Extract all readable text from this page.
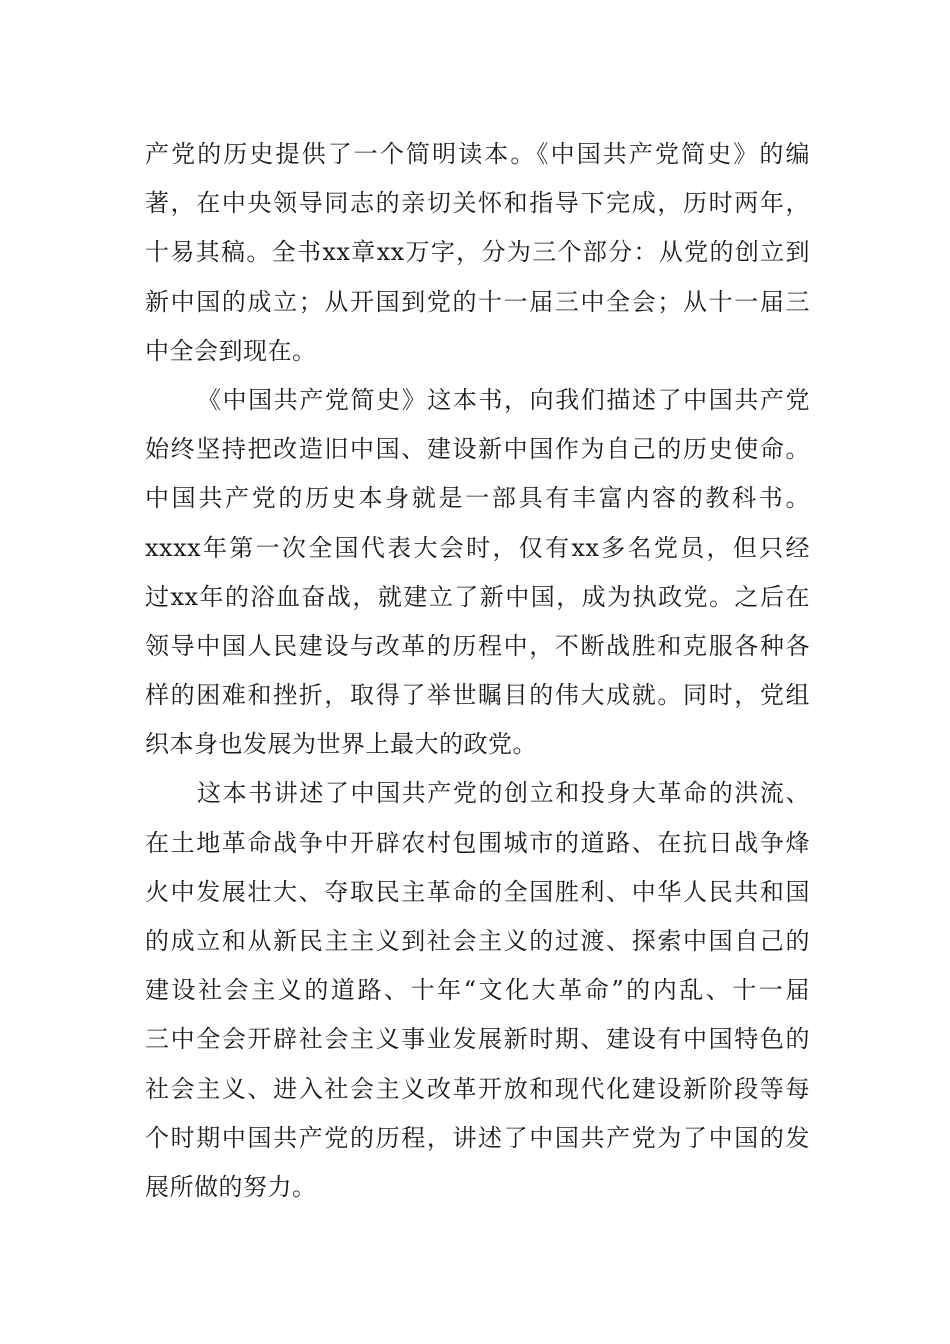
产党的历史提供了一个简明读本。《中国共产党简史》的编
著，在中央领导同志的亲切关怀和指导下完成，历时两年，
十易其稿。全书xx章xx万字，分为三个部分：从党的创立到
新中国的成立；从开国到党的十一届三中全会；从十一届三
中全会到现在。
《中国共产党简史》这本书，向我们描述了中国共产党
始终坚持把改造旧中国、建设新中国作为自己的历史使命。
中国共产党的历史本身就是一部具有丰富内容的教科书。
xxxx年第一次全国代表大会时，仅有xx多名党员，但只经
过xx年的浴血奋战，就建立了新中国，成为执政党。之后在
领导中国人民建设与改革的历程中，不断战胜和克服各种各
样的困难和挫折，取得了举世瞩目的伟大成就。同时，党组
织本身也发展为世界上最大的政党。
这本书讲述了中国共产党的创立和投身大革命的洪流、
在土地革命战争中开辟农村包围城市的道路、在抗日战争烽
火中发展壮大、夺取民主革命的全国胜利、中华人民共和国
的成立和从新民主主义到社会主义的过渡、探索中国自己的
建设社会主义的道路、十年“文化大革命”的内乱、十一届
三中全会开辟社会主义事业发展新时期、建设有中国特色的
社会主义、进入社会主义改革开放和现代化建设新阶段等每
个时期中国共产党的历程，讲述了中国共产党为了中国的发
展所做的努力。
